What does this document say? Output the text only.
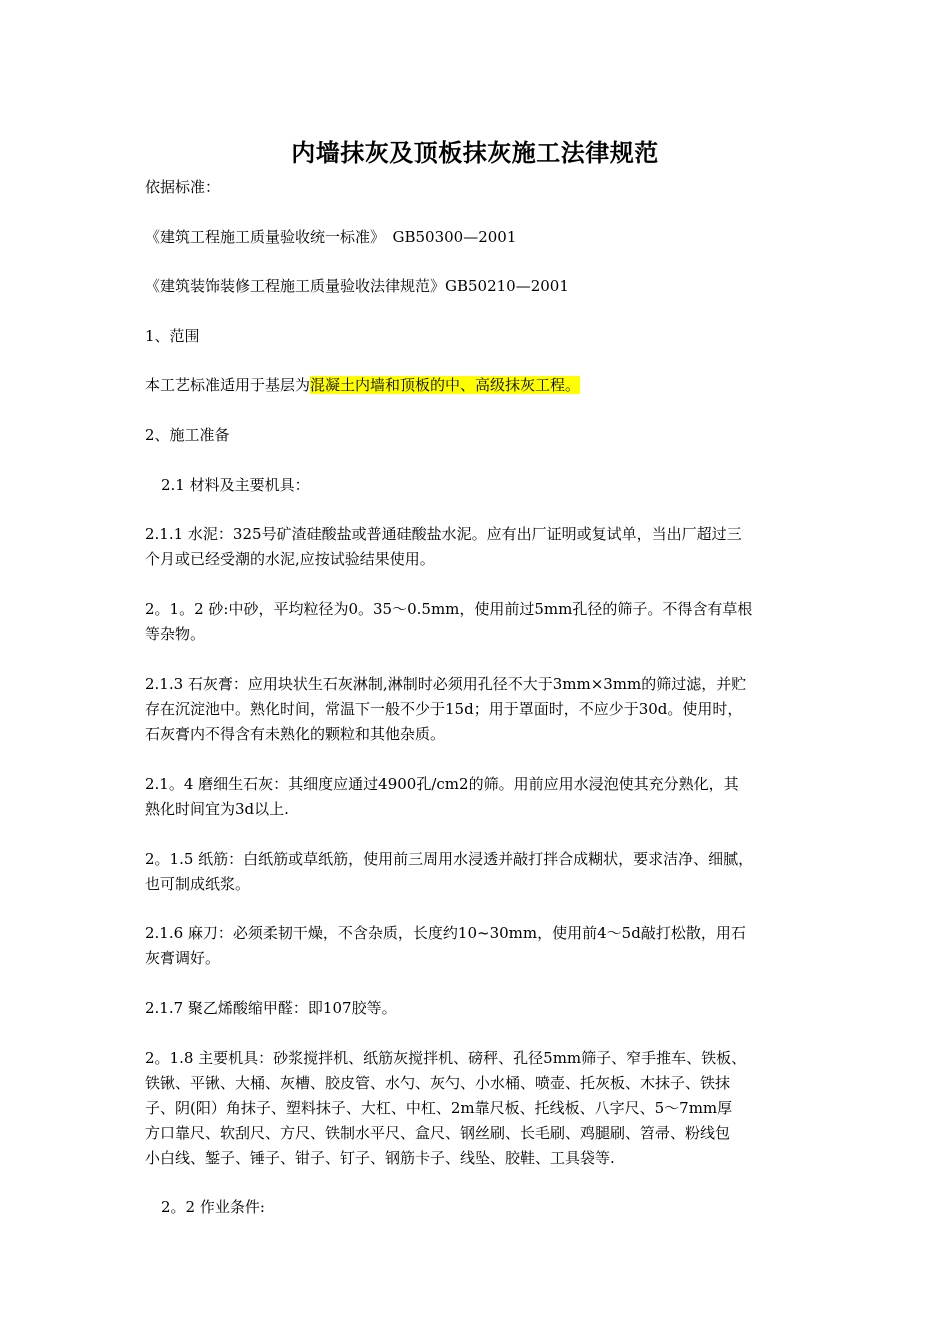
内墙抹灰及顶板抹灰施工法律规范
依据标准：
《建筑工程施工质量验收统一标准》　GB50300—2001
《建筑装饰装修工程施工质量验收法律规范》GB50210—2001
1、范围
本工艺标准适用于基层为混凝土内墙和顶板的中、高级抹灰工程。
2、施工准备
2.1 材料及主要机具：
2.1.1 水泥：325号矿渣硅酸盐或普通硅酸盐水泥。应有出厂证明或复试单，当出厂超过三
个月或已经受潮的水泥,应按试验结果使用。
2。1。2 砂:中砂，平均粒径为0。35～0.5mm，使用前过5mm孔径的筛子。不得含有草根
等杂物。
2.1.3 石灰膏：应用块状生石灰淋制,淋制时必须用孔径不大于3mm×3mm的筛过滤，并贮
存在沉淀池中。熟化时间，常温下一般不少于15d；用于罩面时，不应少于30d。使用时，
石灰膏内不得含有未熟化的颗粒和其他杂质。
2.1。4 磨细生石灰：其细度应通过4900孔/cm2的筛。用前应用水浸泡使其充分熟化，其
熟化时间宜为3d以上.
2。1.5 纸筋：白纸筋或草纸筋，使用前三周用水浸透并敲打拌合成糊状，要求洁净、细腻，
也可制成纸浆。
2.1.6 麻刀：必须柔韧干燥，不含杂质，长度约10~30mm，使用前4～5d敲打松散，用石
灰膏调好。
2.1.7 聚乙烯酸缩甲醛：即107胶等。
2。1.8 主要机具：砂浆搅拌机、纸筋灰搅拌机、磅秤、孔径5mm筛子、窄手推车、铁板、
铁锹、平锹、大桶、灰槽、胶皮管、水勺、灰勺、小水桶、喷壶、托灰板、木抹子、铁抹
子、阴(阳）角抹子、塑料抹子、大杠、中杠、2m靠尺板、托线板、八字尺、5～7mm厚
方口靠尺、软刮尺、方尺、铁制水平尺、盒尺、钢丝刷、长毛刷、鸡腿刷、笤帚、粉线包
小白线、錾子、锤子、钳子、钉子、钢筋卡子、线坠、胶鞋、工具袋等.
2。2 作业条件:
